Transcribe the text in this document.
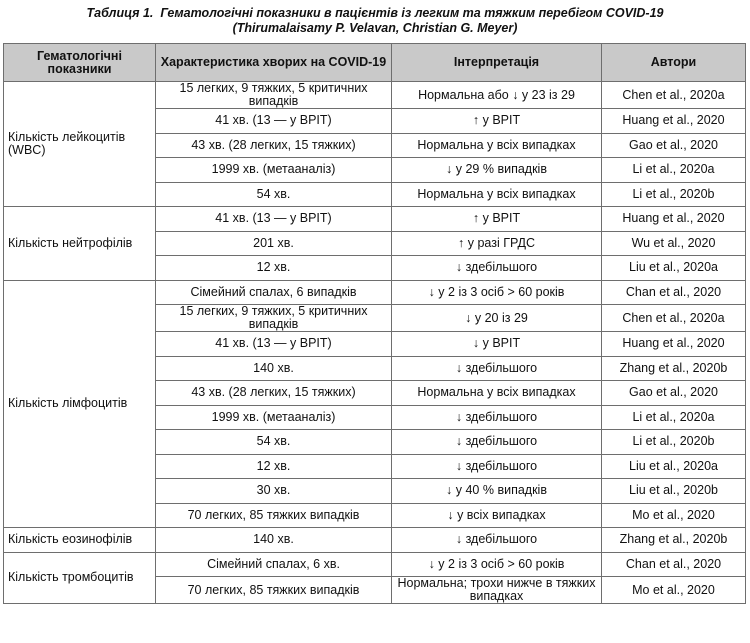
Таблиця 1. Гематологічні показники в пацієнтів із легким та тяжким перебігом COVID-19
(Thirumalaisamy P. Velavan, Christian G. Meyer)
Гематологічні показники	Характеристика хворих на COVID-19	Інтерпретація	Автори
Кількість лейкоцитів (WBC)	15 легких, 9 тяжких, 5 критичних випадків	Нормальна або ↓ у 23 із 29	Chen et al., 2020a
	41 хв. (13 — у ВРІТ)	↑ у ВРІТ	Huang et al., 2020
	43 хв. (28 легких, 15 тяжких)	Нормальна у всіх випадках	Gao et al., 2020
	1999 хв. (метааналіз)	↓ у 29 % випадків	Li et al., 2020a
	54 хв.	Нормальна у всіх випадках	Li et al., 2020b
Кількість нейтрофілів	41 хв. (13 — у ВРІТ)	↑ у ВРІТ	Huang et al., 2020
	201 хв.	↑ у разі ГРДС	Wu et al., 2020
	12 хв.	↓ здебільшого	Liu et al., 2020a
Кількість лімфоцитів	Сімейний спалах, 6 випадків	↓ у 2 із 3 осіб > 60 років	Chan et al., 2020
	15 легких, 9 тяжких, 5 критичних випадків	↓ у 20 із 29	Chen et al., 2020a
	41 хв. (13 — у ВРІТ)	↓ у ВРІТ	Huang et al., 2020
	140 хв.	↓ здебільшого	Zhang et al., 2020b
	43 хв. (28 легких, 15 тяжких)	Нормальна у всіх випадках	Gao et al., 2020
	1999 хв. (метааналіз)	↓ здебільшого	Li et al., 2020a
	54 хв.	↓ здебільшого	Li et al., 2020b
	12 хв.	↓ здебільшого	Liu et al., 2020a
	30 хв.	↓ у 40 % випадків	Liu et al., 2020b
	70 легких, 85 тяжких випадків	↓ у всіх випадках	Mo et al., 2020
Кількість еозинофілів	140 хв.	↓ здебільшого	Zhang et al., 2020b
Кількість тромбоцитів	Сімейний спалах, 6 хв.	↓ у 2 із 3 осіб > 60 років	Chan et al., 2020
	70 легких, 85 тяжких випадків	Нормальна; трохи нижче в тяжких випадках	Mo et al., 2020
